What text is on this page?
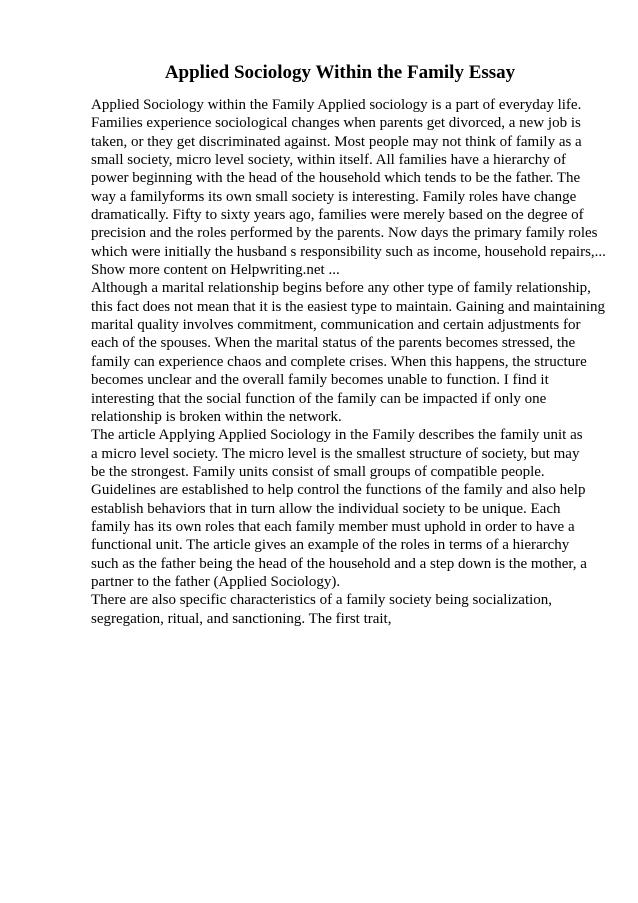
Applied Sociology Within the Family Essay
Applied Sociology within the Family Applied sociology is a part of everyday life.
Families experience sociological changes when parents get divorced, a new job is
taken, or they get discriminated against. Most people may not think of family as a
small society, micro level society, within itself. All families have a hierarchy of
power beginning with the head of the household which tends to be the father. The
way a familyforms its own small society is interesting. Family roles have change
dramatically. Fifty to sixty years ago, families were merely based on the degree of
precision and the roles performed by the parents. Now days the primary family roles
which were initially the husband s responsibility such as income, household repairs,...
Show more content on Helpwriting.net ...
Although a marital relationship begins before any other type of family relationship,
this fact does not mean that it is the easiest type to maintain. Gaining and maintaining
marital quality involves commitment, communication and certain adjustments for
each of the spouses. When the marital status of the parents becomes stressed, the
family can experience chaos and complete crises. When this happens, the structure
becomes unclear and the overall family becomes unable to function. I find it
interesting that the social function of the family can be impacted if only one
relationship is broken within the network.
The article Applying Applied Sociology in the Family describes the family unit as
a micro level society. The micro level is the smallest structure of society, but may
be the strongest. Family units consist of small groups of compatible people.
Guidelines are established to help control the functions of the family and also help
establish behaviors that in turn allow the individual society to be unique. Each
family has its own roles that each family member must uphold in order to have a
functional unit. The article gives an example of the roles in terms of a hierarchy
such as the father being the head of the household and a step down is the mother, a
partner to the father (Applied Sociology).
There are also specific characteristics of a family society being socialization,
segregation, ritual, and sanctioning. The first trait,
